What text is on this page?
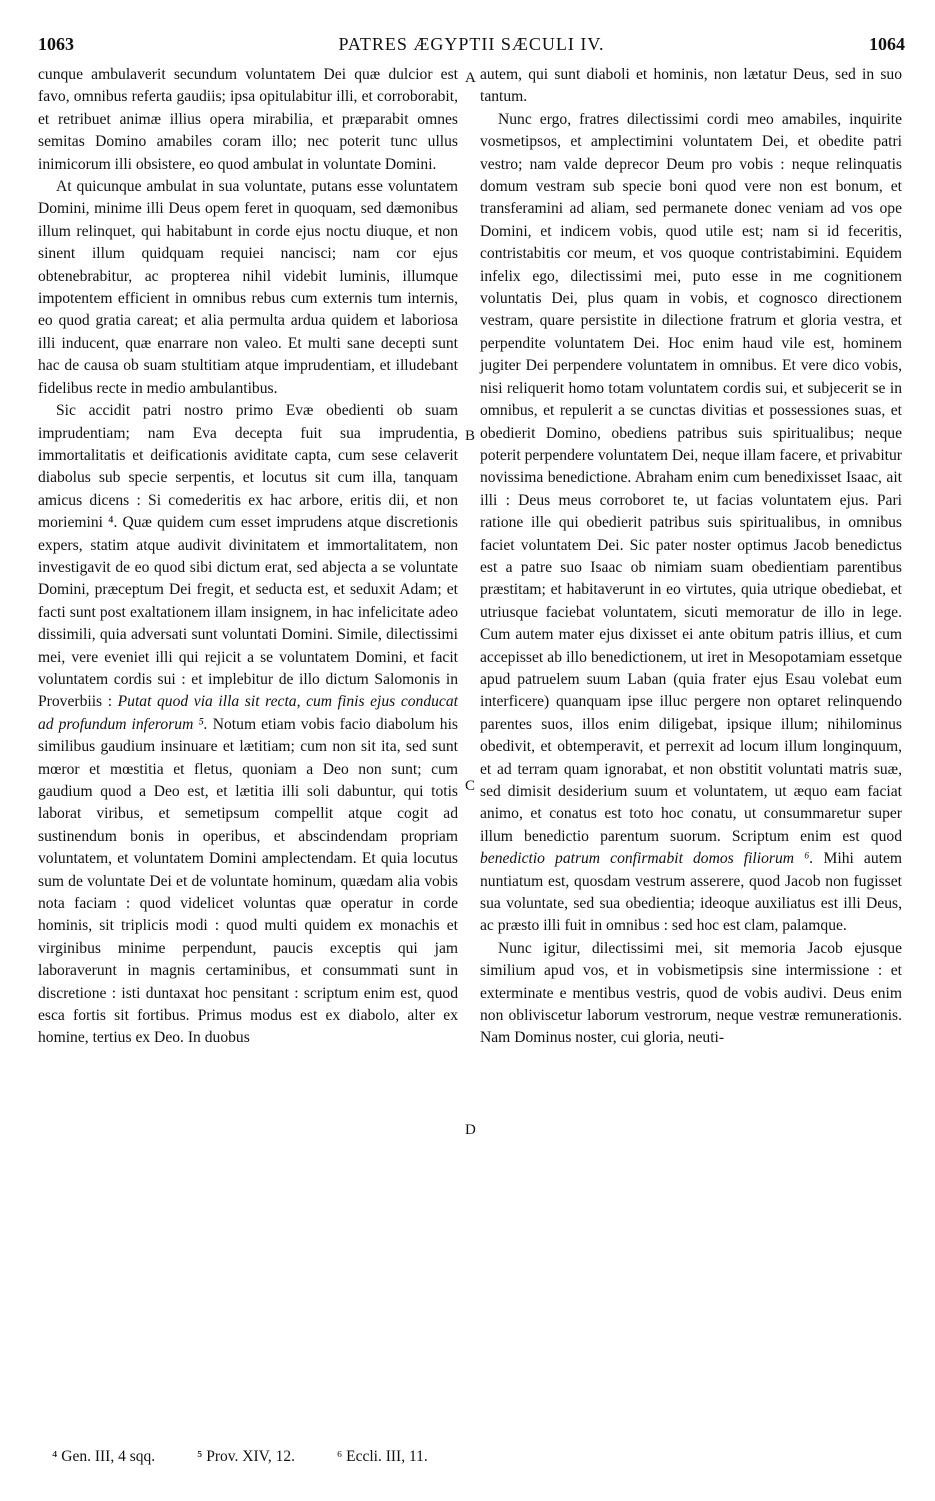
1063	PATRES ÆGYPTII SÆCULI IV.	1064

cunque ambulaverit secundum voluntatem Dei quæ dulcior est favo, omnibus referta gaudiis; ipsa opitulabitur illi, et corroborabit, et retribuet animæ illius opera mirabilia, et præparabit omnes semitas Domino amabiles coram illo; nec poterit tunc ullus inimicorum illi obsistere, eo quod ambulat in voluntate Domini.

At quicunque ambulat in sua voluntate, putans esse voluntatem Domini, minime illi Deus opem feret in quoquam, sed dæmonibus illum relinquet, qui habitabunt in corde ejus noctu diuque, et non sinent illum quidquam requiei nancisci; nam cor ejus obtenebrabitur, ac propterea nihil videbit luminis, illumque impotentem efficient in omnibus rebus cum externis tum internis, eo quod gratia careat; et alia permulta ardua quidem et laboriosa illi inducent, quæ enarrare non valeo. Et multi sane decepti sunt hac de causa ob suam stultitiam atque imprudentiam, et illudebant fidelibus recte in medio ambulantibus.

Sic accidit patri nostro primo Evæ obedienti ob suam imprudentiam; nam Eva decepta fuit sua imprudentia, immortalitatis et deificationis aviditate capta, cum sese celaverit diabolus sub specie serpentis, et locutus sit cum illa, tanquam amicus dicens : Si comederitis ex hac arbore, eritis dii, et non moriemini ⁴. Quæ quidem cum esset imprudens atque discretionis expers, statim atque audivit divinitatem et immortalitatem, non investigavit de eo quod sibi dictum erat, sed abjecta a se voluntate Domini, præceptum Dei fregit, et seducta est, et seduxit Adam; et facti sunt post exaltationem illam insignem, in hac infelicitate adeo dissimili, quia adversati sunt voluntati Domini. Simile, dilectissimi mei, vere eveniet illi qui rejicit a se voluntatem Domini, et facit voluntatem cordis sui : et implebitur de illo dictum Salomonis in Proverbiis : Putat quod via illa sit recta, cum finis ejus conducat ad profundum inferorum ⁵. Notum etiam vobis facio diabolum his similibus gaudium insinuare et lætitiam; cum non sit ita, sed sunt mœror et mœstitia et fletus, quoniam a Deo non sunt; cum gaudium quod a Deo est, et lætitia illi soli dabuntur, qui totis laborat viribus, et semetipsum compellit atque cogit ad sustinendum bonis in operibus, et abscindendam propriam voluntatem, et voluntatem Domini amplectendam. Et quia locutus sum de voluntate Dei et de voluntate hominum, quædam alia vobis nota faciam : quod videlicet voluntas quæ operatur in corde hominis, sit triplicis modi : quod multi quidem ex monachis et virginibus minime perpendunt, paucis exceptis qui jam laboraverunt in magnis certaminibus, et consummati sunt in discretione : isti duntaxat hoc pensitant : scriptum enim est, quod esca fortis sit fortibus. Primus modus est ex diabolo, alter ex homine, tertius ex Deo. In duobus

autem, qui sunt diaboli et hominis, non lætatur Deus, sed in suo tantum.

Nunc ergo, fratres dilectissimi cordi meo amabiles, inquirite vosmetipsos, et amplectimini voluntatem Dei, et obedite patri vestro; nam valde deprecor Deum pro vobis : neque relinquatis domum vestram sub specie boni quod vere non est bonum, et transferamini ad aliam, sed permanete donec veniam ad vos ope Domini, et indicem vobis, quod utile est; nam si id feceritis, contristabitis cor meum, et vos quoque contristabimini. Equidem infelix ego, dilectissimi mei, puto esse in me cognitionem voluntatis Dei, plus quam in vobis, et cognosco directionem vestram, quare persistite in dilectione fratrum et gloria vestra, et perpendite voluntatem Dei. Hoc enim haud vile est, hominem jugiter Dei perpendere voluntatem in omnibus. Et vere dico vobis, nisi reliquerit homo totam voluntatem cordis sui, et subjecerit se in omnibus, et repulerit a se cunctas divitias et possessiones suas, et obedierit Domino, obediens patribus suis spiritualibus; neque poterit perpendere voluntatem Dei, neque illam facere, et privabitur novissima benedictione. Abraham enim cum benedixisset Isaac, ait illi : Deus meus corroboret te, ut facias voluntatem ejus. Pari ratione ille qui obedierit patribus suis spiritualibus, in omnibus faciet voluntatem Dei. Sic pater noster optimus Jacob benedictus est a patre suo Isaac ob nimiam suam obedientiam parentibus præstitam; et habitaverunt in eo virtutes, quia utrique obediebat, et utriusque faciebat voluntatem, sicuti memoratur de illo in lege. Cum autem mater ejus dixisset ei ante obitum patris illius, et cum accepisset ab illo benedictionem, ut iret in Mesopotamiam essetque apud patruelem suum Laban (quia frater ejus Esau volebat eum interficere) quanquam ipse illuc pergere non optaret relinquendo parentes suos, illos enim diligebat, ipsique illum; nihilominus obedivit, et obtemperavit, et perrexit ad locum illum longinquum, et ad terram quam ignorabat, et non obstitit voluntati matris suæ, sed dimisit desiderium suum et voluntatem, ut æquo eam faciat animo, et conatus est toto hoc conatu, ut consummaretur super illum benedictio parentum suorum. Scriptum enim est quod benedictio patrum confirmabit domos filiorum ⁶. Mihi autem nuntiatum est, quosdam vestrum asserere, quod Jacob non fugisset sua voluntate, sed sua obedientia; ideoque auxiliatus est illi Deus, ac præsto illi fuit in omnibus : sed hoc est clam, palamque.

Nunc igitur, dilectissimi mei, sit memoria Jacob ejusque similium apud vos, et in vobismetipsis sine intermissione : et exterminate e mentibus vestris, quod de vobis audivi. Deus enim non obliviscetur laborum vestrorum, neque vestræ remunerationis. Nam Dominus noster, cui gloria, neuti-

A
B
C
D
⁴ Gen. III, 4 sqq.	⁵ Prov. XIV, 12.	⁶ Eccli. III, 11.
